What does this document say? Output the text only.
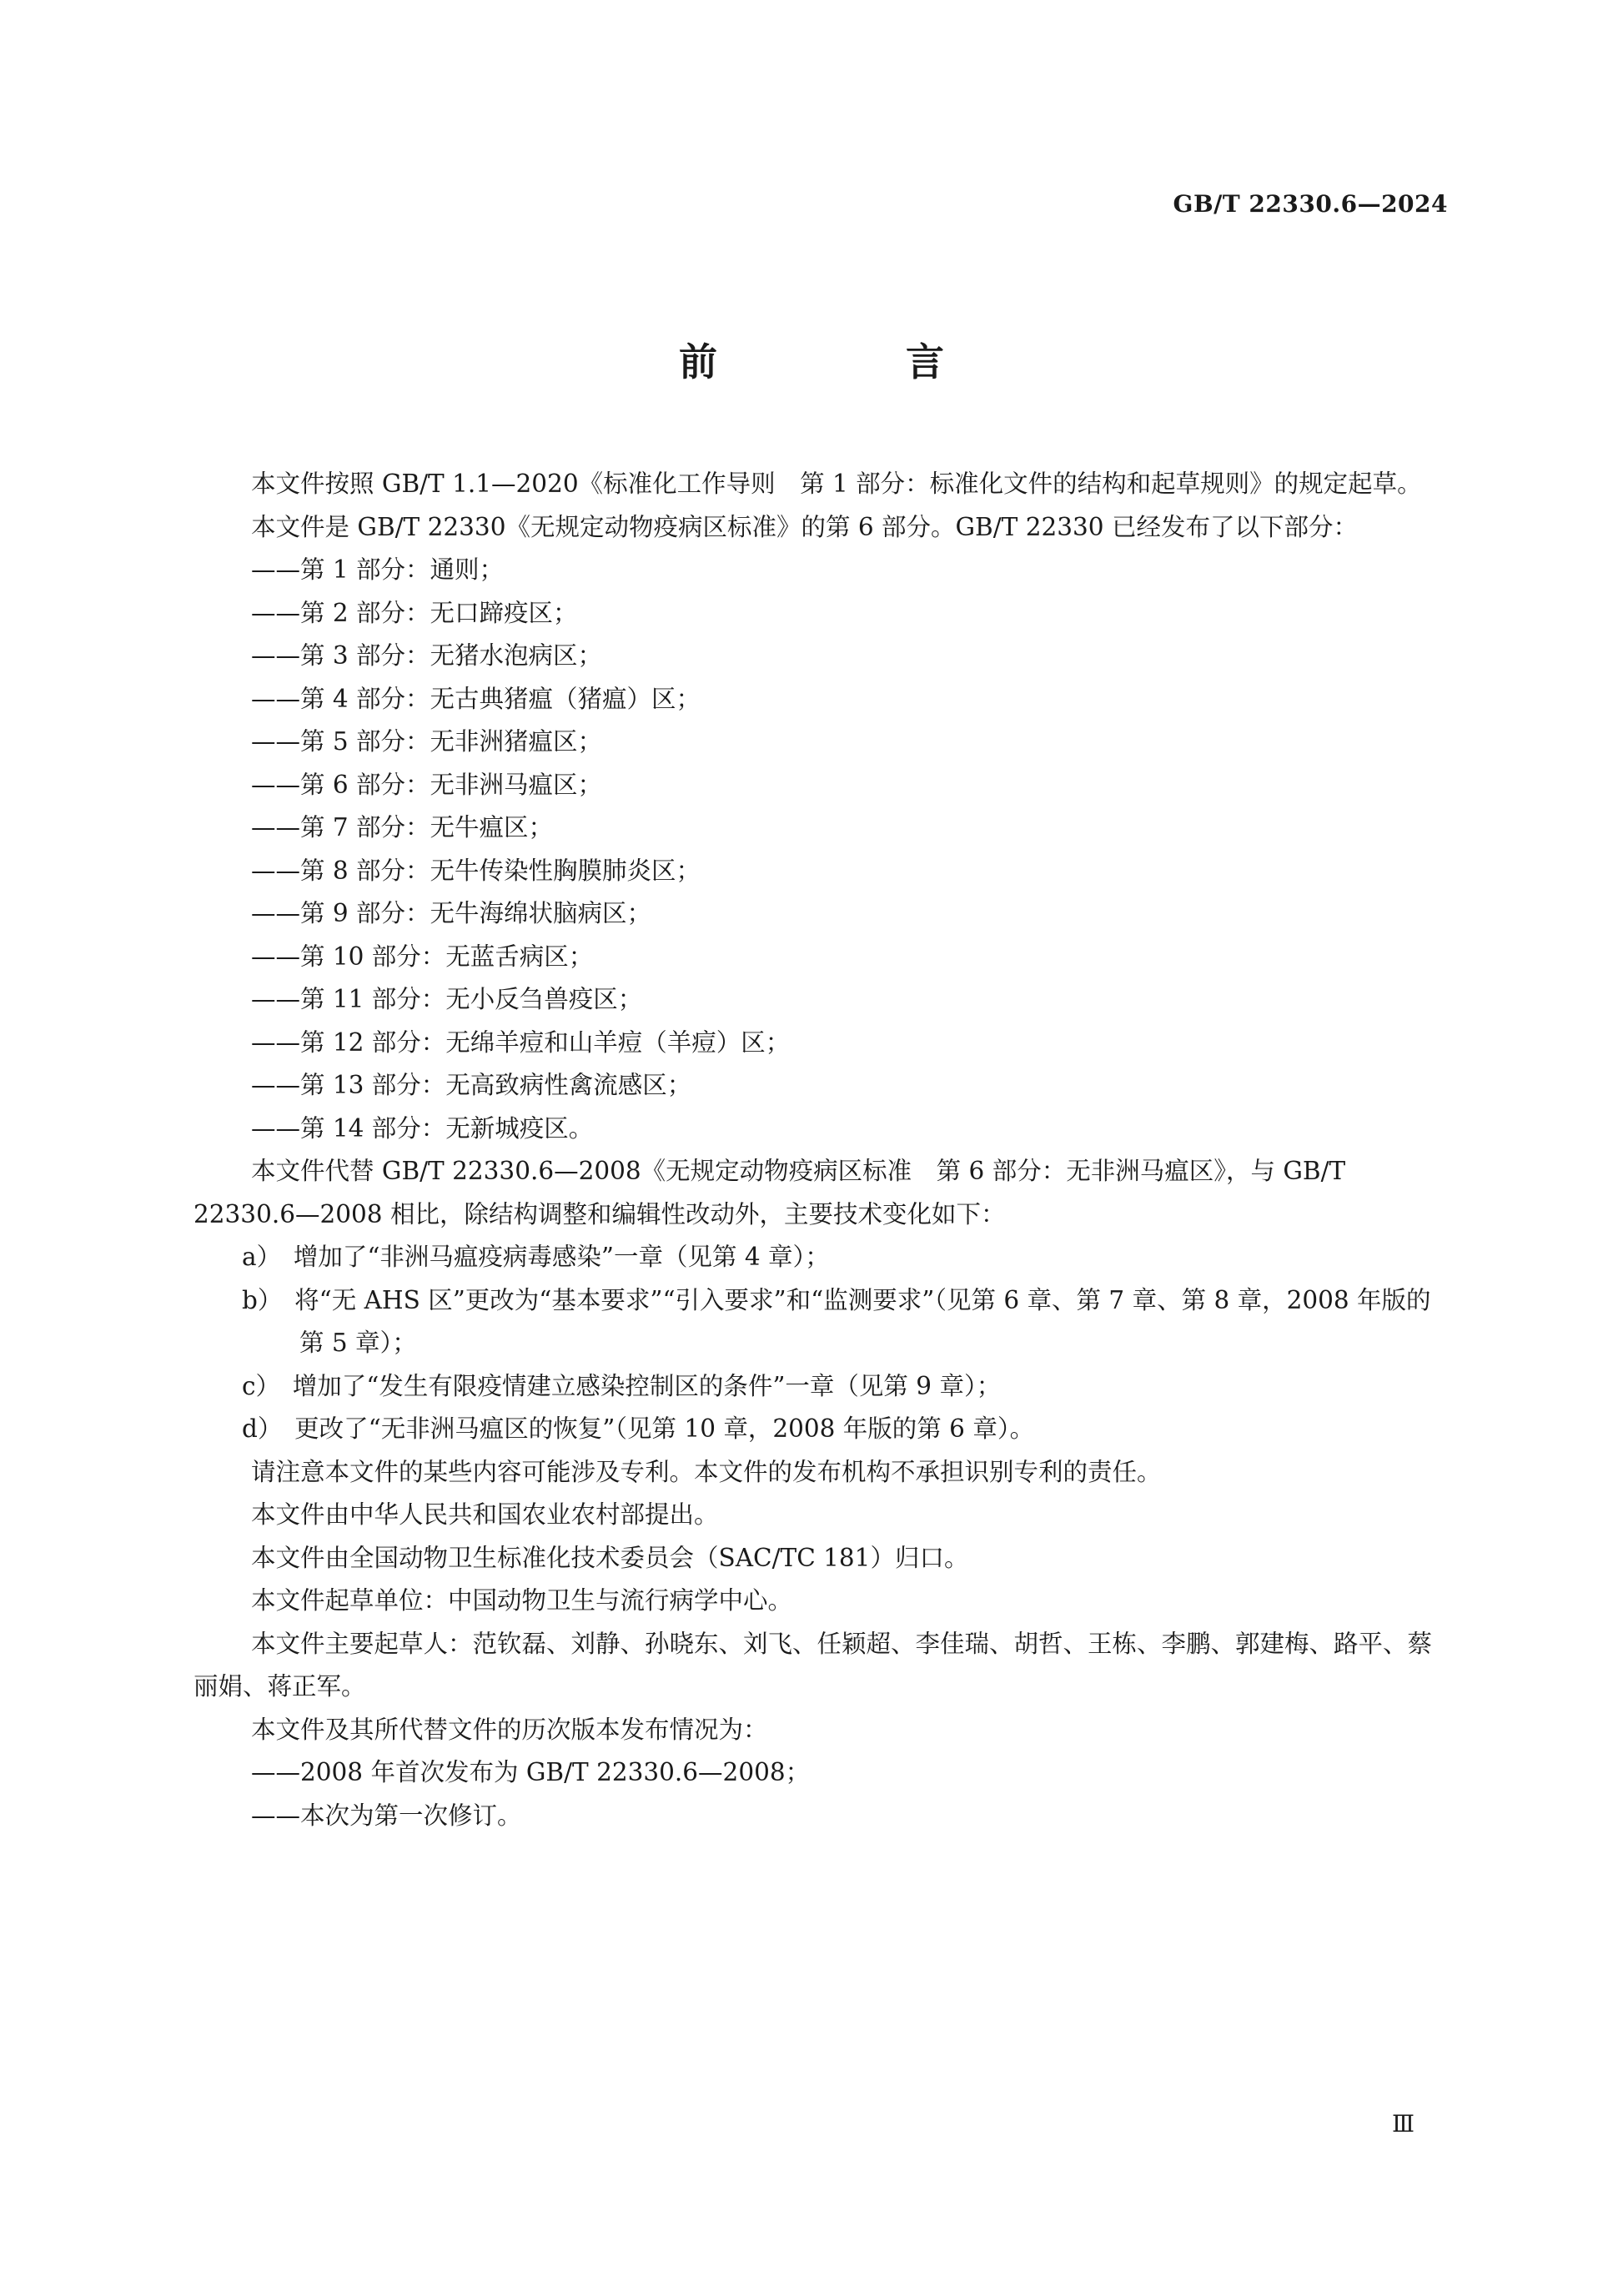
GB/T 22330.6—2024
前　言

本文件按照 GB/T 1.1—2020《标准化工作导则　第 1 部分：标准化文件的结构和起草规则》的规定起草。

本文件是 GB/T 22330《无规定动物疫病区标准》的第 6 部分。GB/T 22330 已经发布了以下部分：

——第 1 部分：通则；

——第 2 部分：无口蹄疫区；

——第 3 部分：无猪水泡病区；

——第 4 部分：无古典猪瘟（猪瘟）区；

——第 5 部分：无非洲猪瘟区；

——第 6 部分：无非洲马瘟区；

——第 7 部分：无牛瘟区；

——第 8 部分：无牛传染性胸膜肺炎区；

——第 9 部分：无牛海绵状脑病区；

——第 10 部分：无蓝舌病区；

——第 11 部分：无小反刍兽疫区；

——第 12 部分：无绵羊痘和山羊痘（羊痘）区；

——第 13 部分：无高致病性禽流感区；

——第 14 部分：无新城疫区。

本文件代替 GB/T 22330.6—2008《无规定动物疫病区标准　第 6 部分：无非洲马瘟区》，与 GB/T 22330.6—2008 相比，除结构调整和编辑性改动外，主要技术变化如下：

a）　增加了“非洲马瘟疫病毒感染”一章（见第 4 章）；

b）　将“无 AHS 区”更改为“基本要求”“引入要求”和“监测要求”（见第 6 章、第 7 章、第 8 章，2008 年版的第 5 章）；

c）　增加了“发生有限疫情建立感染控制区的条件”一章（见第 9 章）；

d）　更改了“无非洲马瘟区的恢复”（见第 10 章，2008 年版的第 6 章）。

请注意本文件的某些内容可能涉及专利。本文件的发布机构不承担识别专利的责任。

本文件由中华人民共和国农业农村部提出。

本文件由全国动物卫生标准化技术委员会（SAC/TC 181）归口。

本文件起草单位：中国动物卫生与流行病学中心。

本文件主要起草人：范钦磊、刘静、孙晓东、刘飞、任颖超、李佳瑞、胡哲、王栋、李鹏、郭建梅、路平、蔡丽娟、蒋正军。

本文件及其所代替文件的历次版本发布情况为：

——2008 年首次发布为 GB/T 22330.6—2008；

——本次为第一次修订。

Ⅲ
